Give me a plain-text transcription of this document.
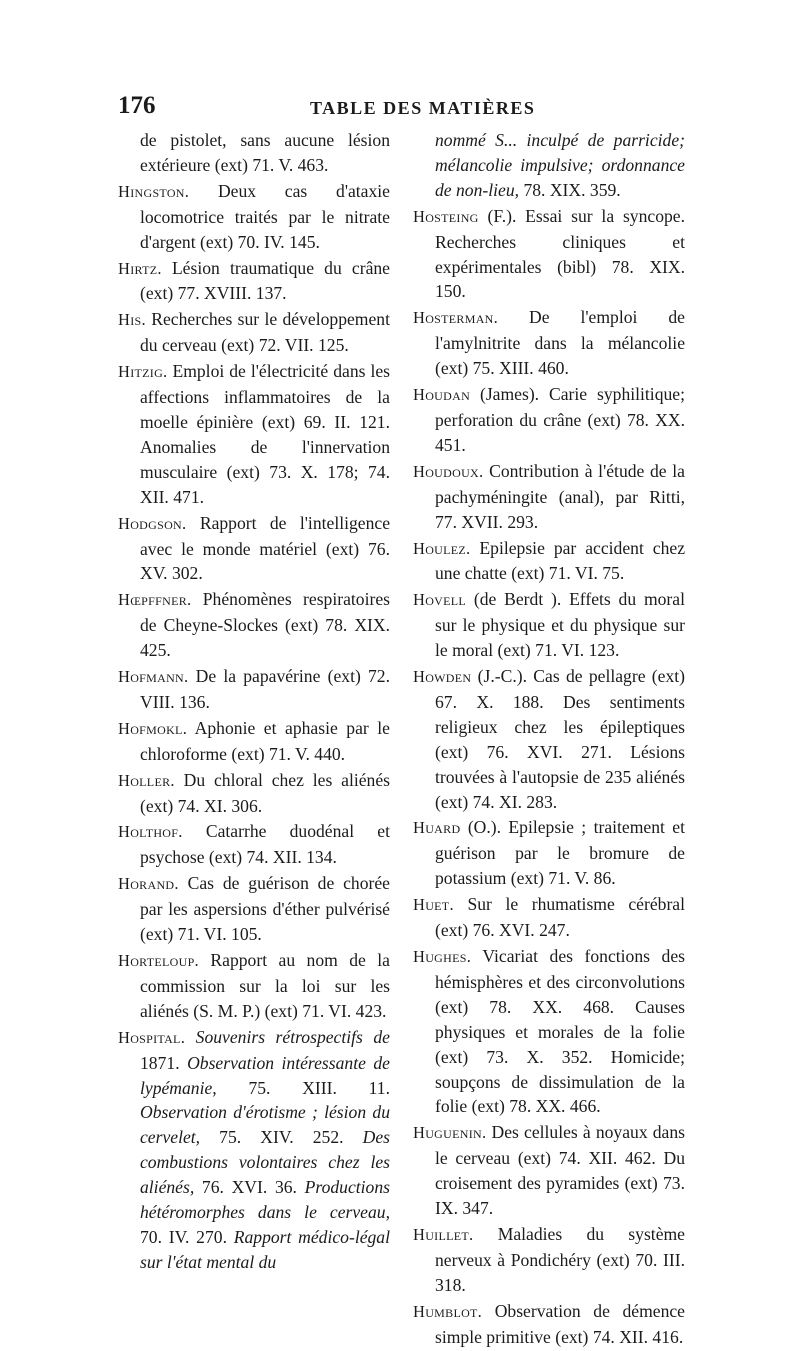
176	TABLE DES MATIÈRES

de pistolet, sans aucune lésion extérieure (ext) 71. V. 463.

Hingston. Deux cas d'ataxie locomotrice traités par le nitrate d'argent (ext) 70. IV. 145.

Hirtz. Lésion traumatique du crâne (ext) 77. XVIII. 137.

His. Recherches sur le développement du cerveau (ext) 72. VII. 125.

Hitzig. Emploi de l'électricité dans les affections inflammatoires de la moelle épinière (ext) 69. II. 121. Anomalies de l'innervation musculaire (ext) 73. X. 178; 74. XII. 471.

Hodgson. Rapport de l'intelligence avec le monde matériel (ext) 76. XV. 302.

Hœpffner. Phénomènes respiratoires de Cheyne-Slockes (ext) 78. XIX. 425.

Hofmann. De la papavérine (ext) 72. VIII. 136.

Hofmokl. Aphonie et aphasie par le chloroforme (ext) 71. V. 440.

Holler. Du chloral chez les aliénés (ext) 74. XI. 306.

Holthof. Catarrhe duodénal et psychose (ext) 74. XII. 134.

Horand. Cas de guérison de chorée par les aspersions d'éther pulvérisé (ext) 71. VI. 105.

Horteloup. Rapport au nom de la commission sur la loi sur les aliénés (S. M. P.) (ext) 71. VI. 423.

Hospital. Souvenirs rétrospectifs de 1871. Observation intéressante de lypémanie, 75. XIII. 11. Observation d'érotisme ; lésion du cervelet, 75. XIV. 252. Des combustions volontaires chez les aliénés, 76. XVI. 36. Productions hétéromorphes dans le cerveau, 70. IV. 270. Rapport médico-légal sur l'état mental du

nommé S... inculpé de parricide; mélancolie impulsive; ordonnance de non-lieu, 78. XIX. 359.

Hosteing (F.). Essai sur la syncope. Recherches cliniques et expérimentales (bibl) 78. XIX. 150.

Hosterman. De l'emploi de l'amylnitrite dans la mélancolie (ext) 75. XIII. 460.

Houdan (James). Carie syphilitique; perforation du crâne (ext) 78. XX. 451.

Houdoux. Contribution à l'étude de la pachyméningite (anal), par Ritti, 77. XVII. 293.

Houlez. Epilepsie par accident chez une chatte (ext) 71. VI. 75.

Hovell (de Berdt ). Effets du moral sur le physique et du physique sur le moral (ext) 71. VI. 123.

Howden (J.-C.). Cas de pellagre (ext) 67. X. 188. Des sentiments religieux chez les épileptiques (ext) 76. XVI. 271. Lésions trouvées à l'autopsie de 235 aliénés (ext) 74. XI. 283.

Huard (O.). Epilepsie ; traitement et guérison par le bromure de potassium (ext) 71. V. 86.

Huet. Sur le rhumatisme cérébral (ext) 76. XVI. 247.

Hughes. Vicariat des fonctions des hémisphères et des circonvolutions (ext) 78. XX. 468. Causes physiques et morales de la folie (ext) 73. X. 352. Homicide; soupçons de dissimulation de la folie (ext) 78. XX. 466.

Huguenin. Des cellules à noyaux dans le cerveau (ext) 74. XII. 462. Du croisement des pyramides (ext) 73. IX. 347.

Huillet. Maladies du système nerveux à Pondichéry (ext) 70. III. 318.

Humblot. Observation de démence simple primitive (ext) 74. XII. 416.
